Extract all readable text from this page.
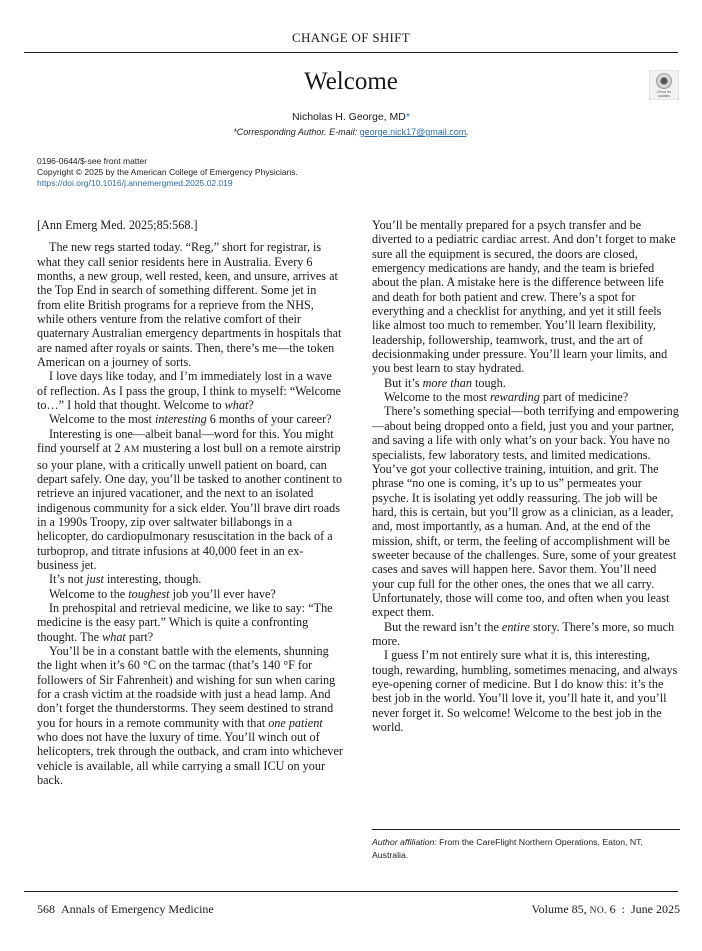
CHANGE OF SHIFT
Welcome	Check for
updates
Nicholas H. George, MD*
*Corresponding Author. E-mail: george.nick17@gmail.com.
0196-0644/$-see front matter
Copyright © 2025 by the American College of Emergency Physicians.
https://doi.org/10.1016/j.annemergmed.2025.02.019

[Ann Emerg Med. 2025;85:568.]

The new regs started today. “Reg,” short for registrar, is what they call senior residents here in Australia. Every 6 months, a new group, well rested, keen, and unsure, arrives at the Top End in search of something different. Some jet in from elite British programs for a reprieve from the NHS, while others venture from the relative comfort of their quaternary Australian emergency departments in hospitals that are named after royals or saints. Then, there’s me—the token American on a journey of sorts.

I love days like today, and I’m immediately lost in a wave of reflection. As I pass the group, I think to myself: “Welcome to…” I hold that thought. Welcome to what?

Welcome to the most interesting 6 months of your career?

Interesting is one—albeit banal—word for this. You might find yourself at 2 AM mustering a lost bull on a remote airstrip so your plane, with a critically unwell patient on board, can depart safely. One day, you’ll be tasked to another continent to retrieve an injured vacationer, and the next to an isolated indigenous community for a sick elder. You’ll brave dirt roads in a 1990s Troopy, zip over saltwater billabongs in a helicopter, do cardiopulmonary resuscitation in the back of a turboprop, and titrate infusions at 40,000 feet in an ex-business jet.

It’s not just interesting, though.

Welcome to the toughest job you’ll ever have?

In prehospital and retrieval medicine, we like to say: “The medicine is the easy part.” Which is quite a confronting thought. The what part?

You’ll be in a constant battle with the elements, shunning the light when it’s 60 °C on the tarmac (that’s 140 °F for followers of Sir Fahrenheit) and wishing for sun when caring for a crash victim at the roadside with just a head lamp. And don’t forget the thunderstorms. They seem destined to strand you for hours in a remote community with that one patient who does not have the luxury of time. You’ll winch out of helicopters, trek through the outback, and cram into whichever vehicle is available, all while carrying a small ICU on your back.

You’ll be mentally prepared for a psych transfer and be diverted to a pediatric cardiac arrest. And don’t forget to make sure all the equipment is secured, the doors are closed, emergency medications are handy, and the team is briefed about the plan. A mistake here is the difference between life and death for both patient and crew. There’s a spot for everything and a checklist for anything, and yet it still feels like almost too much to remember. You’ll learn flexibility, leadership, followership, teamwork, trust, and the art of decisionmaking under pressure. You’ll learn your limits, and you best learn to stay hydrated.

But it’s more than tough.

Welcome to the most rewarding part of medicine?

There’s something special—both terrifying and empowering—about being dropped onto a field, just you and your partner, and saving a life with only what’s on your back. You have no specialists, few laboratory tests, and limited medications. You’ve got your collective training, intuition, and grit. The phrase “no one is coming, it’s up to us” permeates your psyche. It is isolating yet oddly reassuring. The job will be hard, this is certain, but you’ll grow as a clinician, as a leader, and, most importantly, as a human. And, at the end of the mission, shift, or term, the feeling of accomplishment will be sweeter because of the challenges. Sure, some of your greatest cases and saves will happen here. Savor them. You’ll need your cup full for the other ones, the ones that we all carry. Unfortunately, those will come too, and often when you least expect them.

But the reward isn’t the entire story. There’s more, so much more.

I guess I’m not entirely sure what it is, this interesting, tough, rewarding, humbling, sometimes menacing, and always eye-opening corner of medicine. But I do know this: it’s the best job in the world. You’ll love it, you’ll hate it, and you’ll never forget it. So welcome! Welcome to the best job in the world.

Author affiliation: From the CareFlight Northern Operations, Eaton, NT, Australia.
568 Annals of Emergency Medicine	Volume 85, NO. 6 : June 2025
